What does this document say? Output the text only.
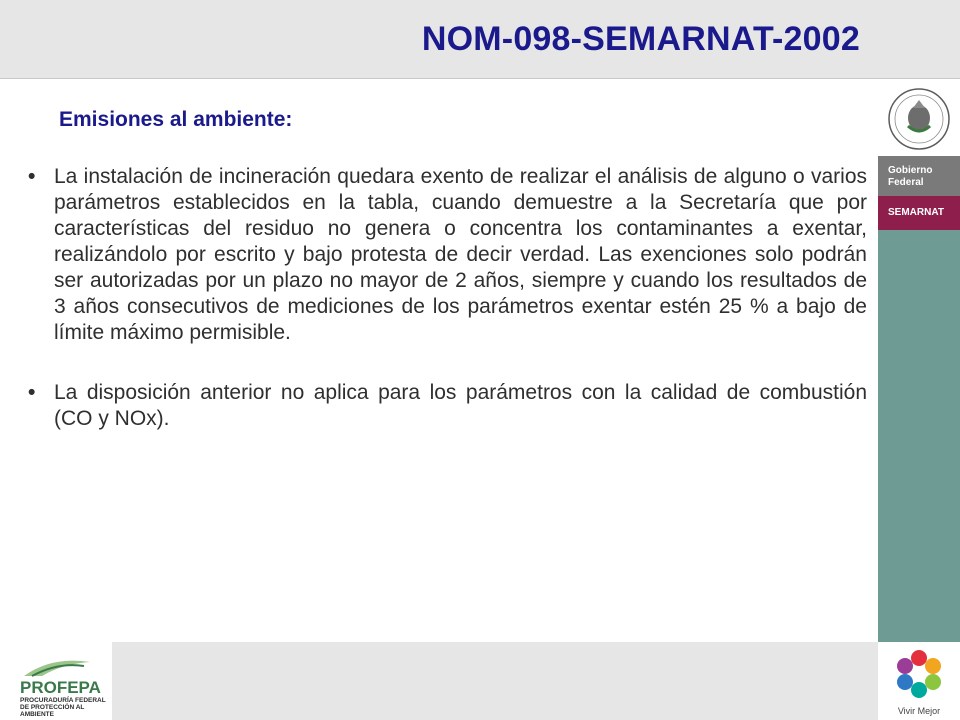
NOM-098-SEMARNAT-2002
Emisiones al ambiente:
• La instalación de incineración quedara exento de realizar el análisis de alguno o varios parámetros establecidos en la tabla, cuando demuestre a la Secretaría que por características del residuo no genera o concentra los contaminantes a exentar, realizándolo por escrito y bajo protesta de decir verdad. Las exenciones solo podrán ser autorizadas por un plazo no mayor de 2 años, siempre y cuando los resultados de 3 años consecutivos de mediciones de los parámetros exentar estén 25 % a bajo de límite máximo permisible.
• La disposición anterior no aplica para los parámetros con la calidad de combustión (CO y NOx).
Gobierno
Federal
SEMARNAT
Vivir Mejor
PROFEPA
PROCURADURÍA FEDERAL DE PROTECCIÓN AL AMBIENTE
